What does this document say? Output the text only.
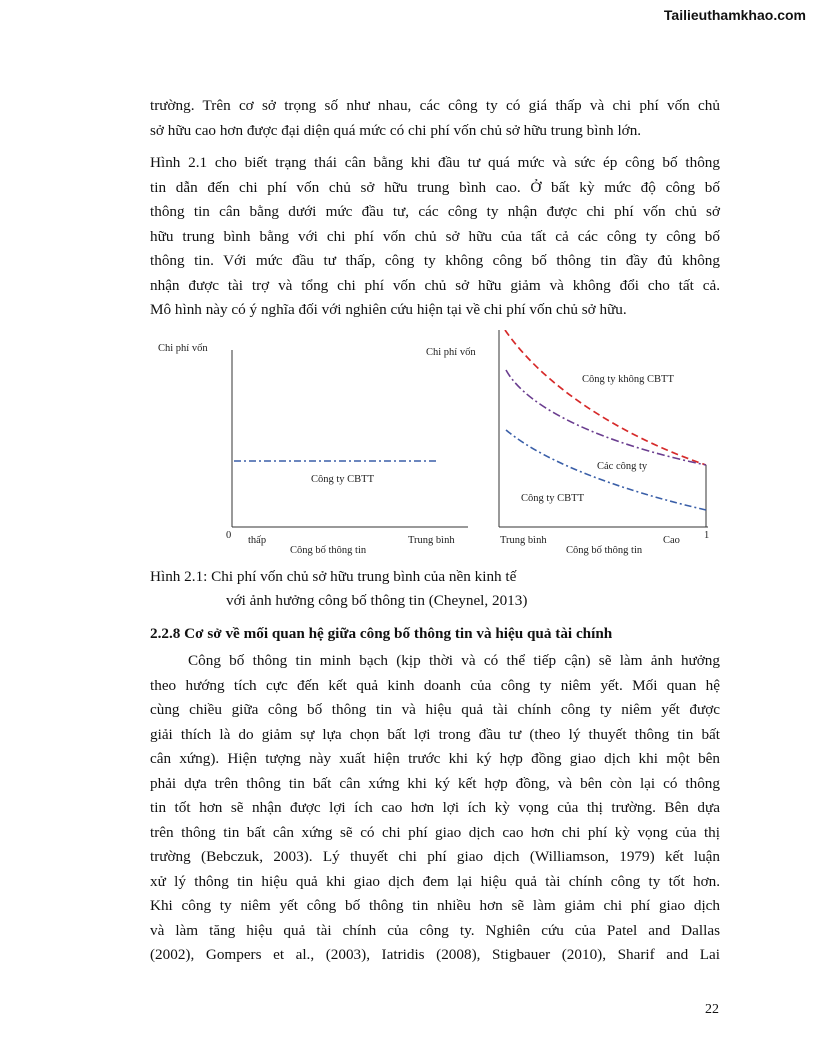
Tailieuthamkhao.com

trường. Trên cơ sở trọng số như nhau, các công ty có giá thấp và chi phí vốn chủ

sở hữu cao hơn được đại diện quá mức có chi phí vốn chủ sở hữu trung bình lớn.

Hình 2.1 cho biết trạng thái cân bằng khi đầu tư quá mức và sức ép công bố thông

tin dẫn đến chi phí vốn chủ sở hữu trung bình cao. Ở bất kỳ mức độ công bố

thông tin cân bằng dưới mức đầu tư, các công ty nhận được chi phí vốn chủ sở

hữu trung bình bằng với chi phí vốn chủ sở hữu của tất cả các công ty công bố

thông tin. Với mức đầu tư thấp, công ty không công bố thông tin đầy đủ không

nhận được tài trợ và tổng chi phí vốn chủ sở hữu giảm và không đổi cho tất cả.

Mô hình này có ý nghĩa đối với nghiên cứu hiện tại về chi phí vốn chủ sở hữu.

Chi phí vốn
0 thấp	Trung bình
Công bố thông tin
Công ty CBTT
Chi phí vốn
Công ty không CBTT
Các công ty
Công ty CBTT
Trung bình	Cao 1
Công bố thông tin
Hình 2.1: Chi phí vốn chủ sở hữu trung bình của nền kinh tế
với ảnh hưởng công bố thông tin (Cheynel, 2013)
2.2.8 Cơ sở về mối quan hệ giữa công bố thông tin và hiệu quả tài chính

Công bố thông tin minh bạch (kịp thời và có thể tiếp cận) sẽ làm ảnh hưởng

theo hướng tích cực đến kết quả kinh doanh của công ty niêm yết. Mối quan hệ

cùng chiều giữa công bố thông tin và hiệu quả tài chính công ty niêm yết được

giải thích là do giảm sự lựa chọn bất lợi trong đầu tư (theo lý thuyết thông tin bất

cân xứng). Hiện tượng này xuất hiện trước khi ký hợp đồng giao dịch khi một bên

phải dựa trên thông tin bất cân xứng khi ký kết hợp đồng, và bên còn lại có thông

tin tốt hơn sẽ nhận được lợi ích cao hơn lợi ích kỳ vọng của thị trường. Bên dựa

trên thông tin bất cân xứng sẽ có chi phí giao dịch cao hơn chi phí kỳ vọng của thị

trường (Bebczuk, 2003). Lý thuyết chi phí giao dịch (Williamson, 1979) kết luận

xử lý thông tin hiệu quả khi giao dịch đem lại hiệu quả tài chính công ty tốt hơn.

Khi công ty niêm yết công bố thông tin nhiều hơn sẽ làm giảm chi phí giao dịch

và làm tăng hiệu quả tài chính của công ty. Nghiên cứu của Patel and Dallas

(2002), Gompers et al., (2003), Iatridis (2008), Stigbauer (2010), Sharif and Lai

22
